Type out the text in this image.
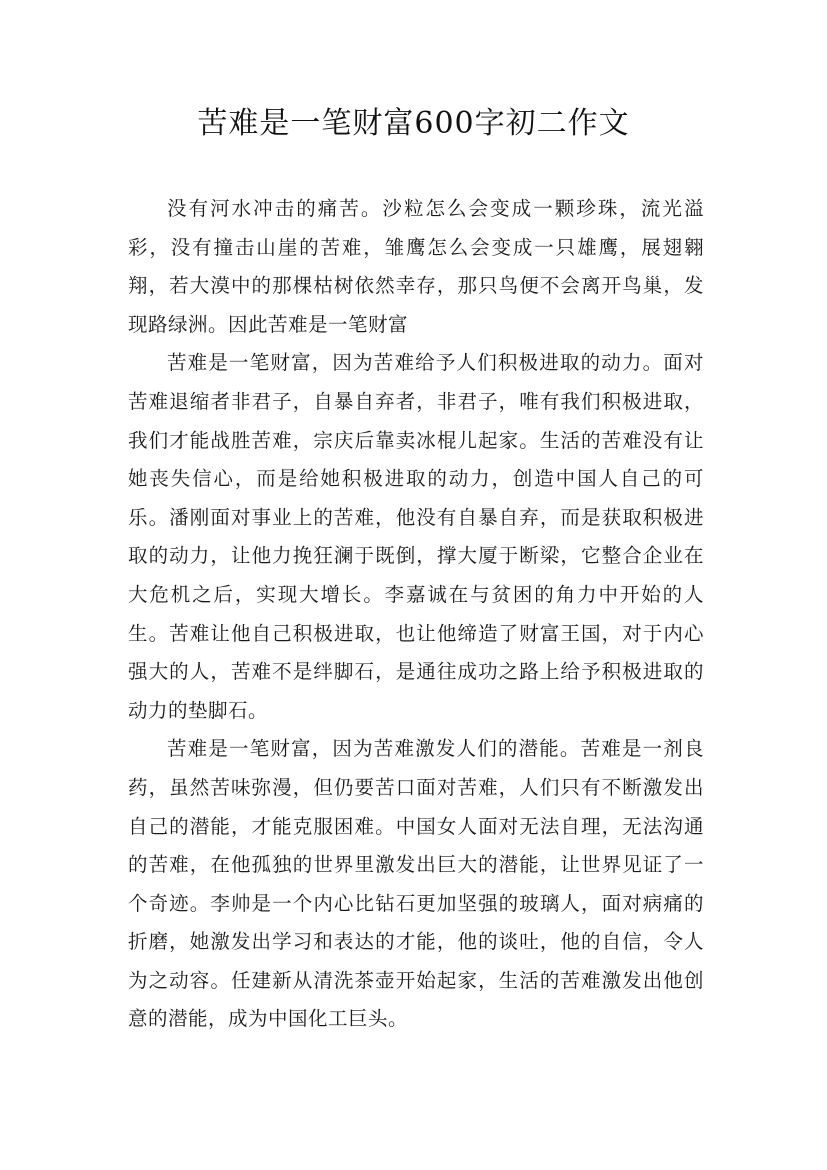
苦难是一笔财富600字初二作文

没有河水冲击的痛苦。沙粒怎么会变成一颗珍珠，流光溢彩，没有撞击山崖的苦难，雏鹰怎么会变成一只雄鹰，展翅翱翔，若大漠中的那棵枯树依然幸存，那只鸟便不会离开鸟巢，发现路绿洲。因此苦难是一笔财富

苦难是一笔财富，因为苦难给予人们积极进取的动力。面对苦难退缩者非君子，自暴自弃者，非君子，唯有我们积极进取，我们才能战胜苦难，宗庆后靠卖冰棍儿起家。生活的苦难没有让她丧失信心，而是给她积极进取的动力，创造中国人自己的可乐。潘刚面对事业上的苦难，他没有自暴自弃，而是获取积极进取的动力，让他力挽狂澜于既倒，撑大厦于断梁，它整合企业在大危机之后，实现大增长。李嘉诚在与贫困的角力中开始的人生。苦难让他自己积极进取，也让他缔造了财富王国，对于内心强大的人，苦难不是绊脚石，是通往成功之路上给予积极进取的动力的垫脚石。

苦难是一笔财富，因为苦难激发人们的潜能。苦难是一剂良药，虽然苦味弥漫，但仍要苦口面对苦难，人们只有不断激发出自己的潜能，才能克服困难。中国女人面对无法自理，无法沟通的苦难，在他孤独的世界里激发出巨大的潜能，让世界见证了一个奇迹。李帅是一个内心比钻石更加坚强的玻璃人，面对病痛的折磨，她激发出学习和表达的才能，他的谈吐，他的自信，令人为之动容。任建新从清洗茶壶开始起家，生活的苦难激发出他创意的潜能，成为中国化工巨头。
